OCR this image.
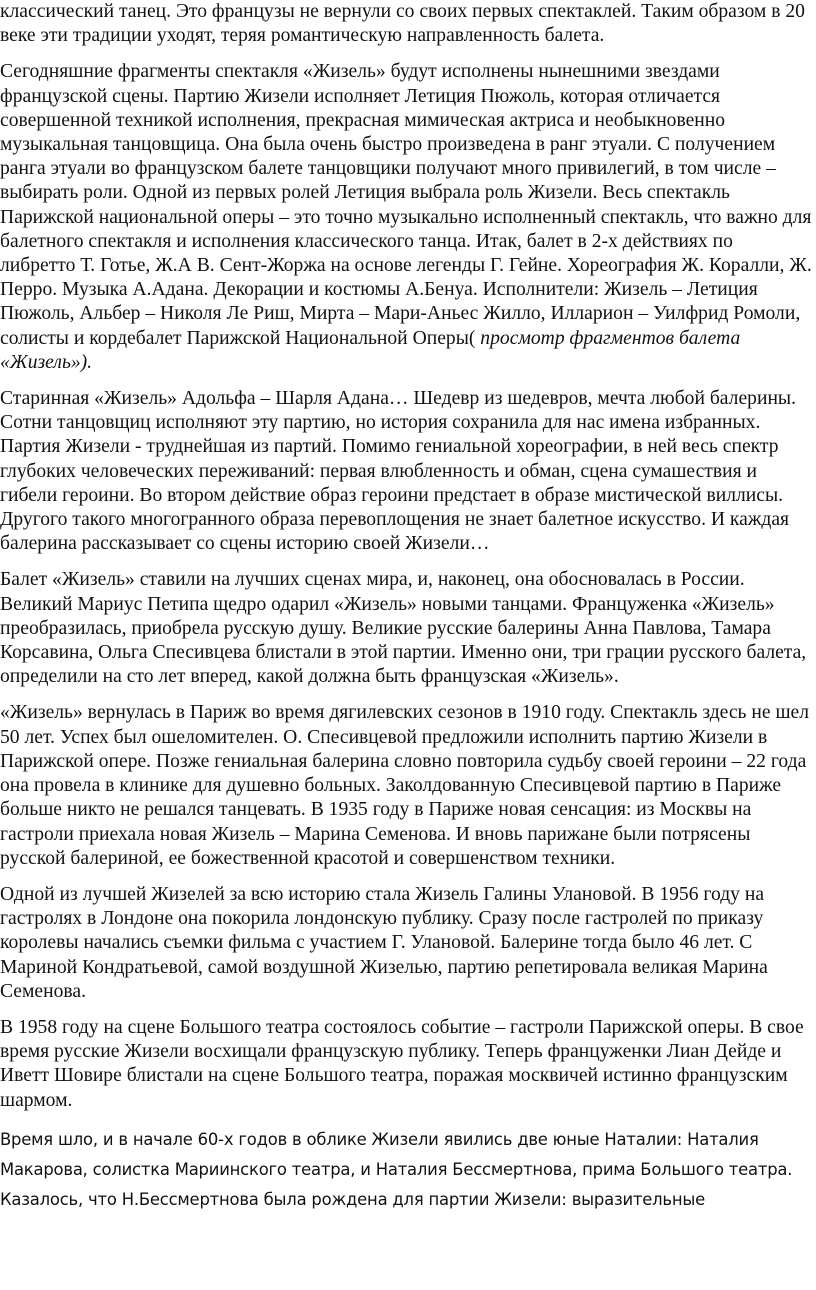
классический танец. Это французы не вернули со своих первых спектаклей. Таким образом в 20 веке эти традиции уходят, теряя романтическую направленность балета.

Сегодняшние фрагменты спектакля «Жизель» будут исполнены нынешними звездами французской сцены. Партию Жизели исполняет Летиция Пюжоль, которая отличается совершенной техникой исполнения, прекрасная мимическая актриса и необыкновенно музыкальная танцовщица. Она была очень быстро произведена в ранг этуали. С получением ранга этуали во французском балете танцовщики получают много привилегий, в том числе – выбирать роли. Одной из первых ролей Летиция выбрала роль Жизели. Весь спектакль Парижской национальной оперы – это точно музыкально исполненный спектакль, что важно для балетного спектакля и исполнения классического танца. Итак, балет в 2-х действиях по либретто Т. Готье, Ж.А В. Сент-Жоржа на основе легенды Г. Гейне. Хореография Ж. Коралли, Ж. Перро. Музыка А.Адана. Декорации и костюмы А.Бенуа. Исполнители: Жизель – Летиция Пюжоль, Альбер – Николя Ле Риш, Мирта – Мари-Аньес Жилло, Илларион – Уилфрид Ромоли, солисты и кордебалет Парижской Национальной Оперы( просмотр фрагментов балета «Жизель»).

Старинная «Жизель» Адольфа – Шарля Адана… Шедевр из шедевров, мечта любой балерины. Сотни танцовщиц исполняют эту партию, но история сохранила для нас имена избранных. Партия Жизели - труднейшая из партий. Помимо гениальной хореографии, в ней весь спектр глубоких человеческих переживаний: первая влюбленность и обман, сцена сумашествия и гибели героини. Во втором действие образ героини предстает в образе мистической виллисы. Другого такого многогранного образа перевоплощения не знает балетное искусство. И каждая балерина рассказывает со сцены историю своей Жизели…

Балет «Жизель» ставили на лучших сценах мира, и, наконец, она обосновалась в России. Великий Мариус Петипа щедро одарил «Жизель» новыми танцами. Француженка «Жизель» преобразилась, приобрела русскую душу. Великие русские балерины Анна Павлова, Тамара Корсавина, Ольга Спесивцева блистали в этой партии. Именно они, три грации русского балета, определили на сто лет вперед, какой должна быть французская «Жизель».

«Жизель» вернулась в Париж во время дягилевских сезонов в 1910 году. Спектакль здесь не шел 50 лет. Успех был ошеломителен. О. Спесивцевой предложили исполнить партию Жизели в Парижской опере. Позже гениальная балерина словно повторила судьбу своей героини – 22 года она провела в клинике для душевно больных. Заколдованную Спесивцевой партию в Париже больше никто не решался танцевать. В 1935 году в Париже новая сенсация: из Москвы на гастроли приехала новая Жизель – Марина Семенова. И вновь парижане были потрясены русской балериной, ее божественной красотой и совершенством техники.

Одной из лучшей Жизелей за всю историю стала Жизель Галины Улановой. В 1956 году на гастролях в Лондоне она покорила лондонскую публику. Сразу после гастролей по приказу королевы начались съемки фильма с участием Г. Улановой. Балерине тогда было 46 лет. С Мариной Кондратьевой, самой воздушной Жизелью, партию репетировала великая Марина Семенова.

В 1958 году на сцене Большого театра состоялось событие – гастроли Парижской оперы. В свое время русские Жизели восхищали французскую публику. Теперь француженки Лиан Дейде и Иветт Шовире блистали на сцене Большого театра, поражая москвичей истинно французским шармом.

Время шло, и в начале 60-х годов в облике Жизели явились две юные Наталии: Наталия Макарова, солистка Мариинского театра, и Наталия Бессмертнова, прима Большого театра. Казалось, что Н.Бессмертнова была рождена для партии Жизели: выразительные
